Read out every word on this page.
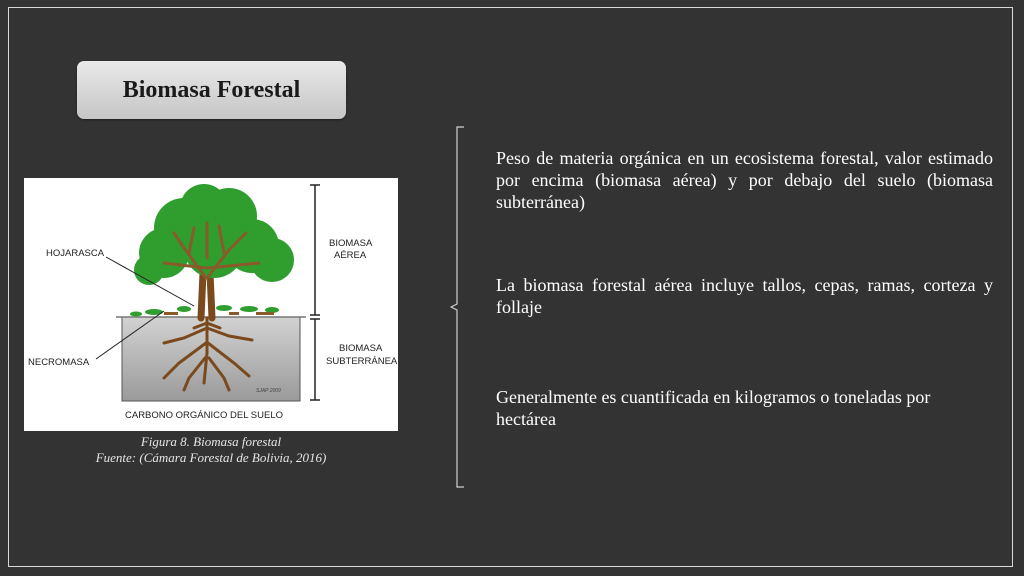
Biomasa Forestal
HOJARASCA
BIOMASA
AÉREA
NECROMASA
BIOMASA
SUBTERRÁNEA
CARBONO ORGÁNICO DEL SUELO
SJAP 2009
Figura 8. Biomasa forestal
Fuente: (Cámara Forestal de Bolivia, 2016)
Peso de materia orgánica en un ecosistema forestal, valor estimado por encima (biomasa aérea) y por debajo del suelo (biomasa subterránea)
La biomasa forestal aérea incluye tallos, cepas, ramas, corteza y follaje
Generalmente es cuantificada en kilogramos o toneladas por hectárea
